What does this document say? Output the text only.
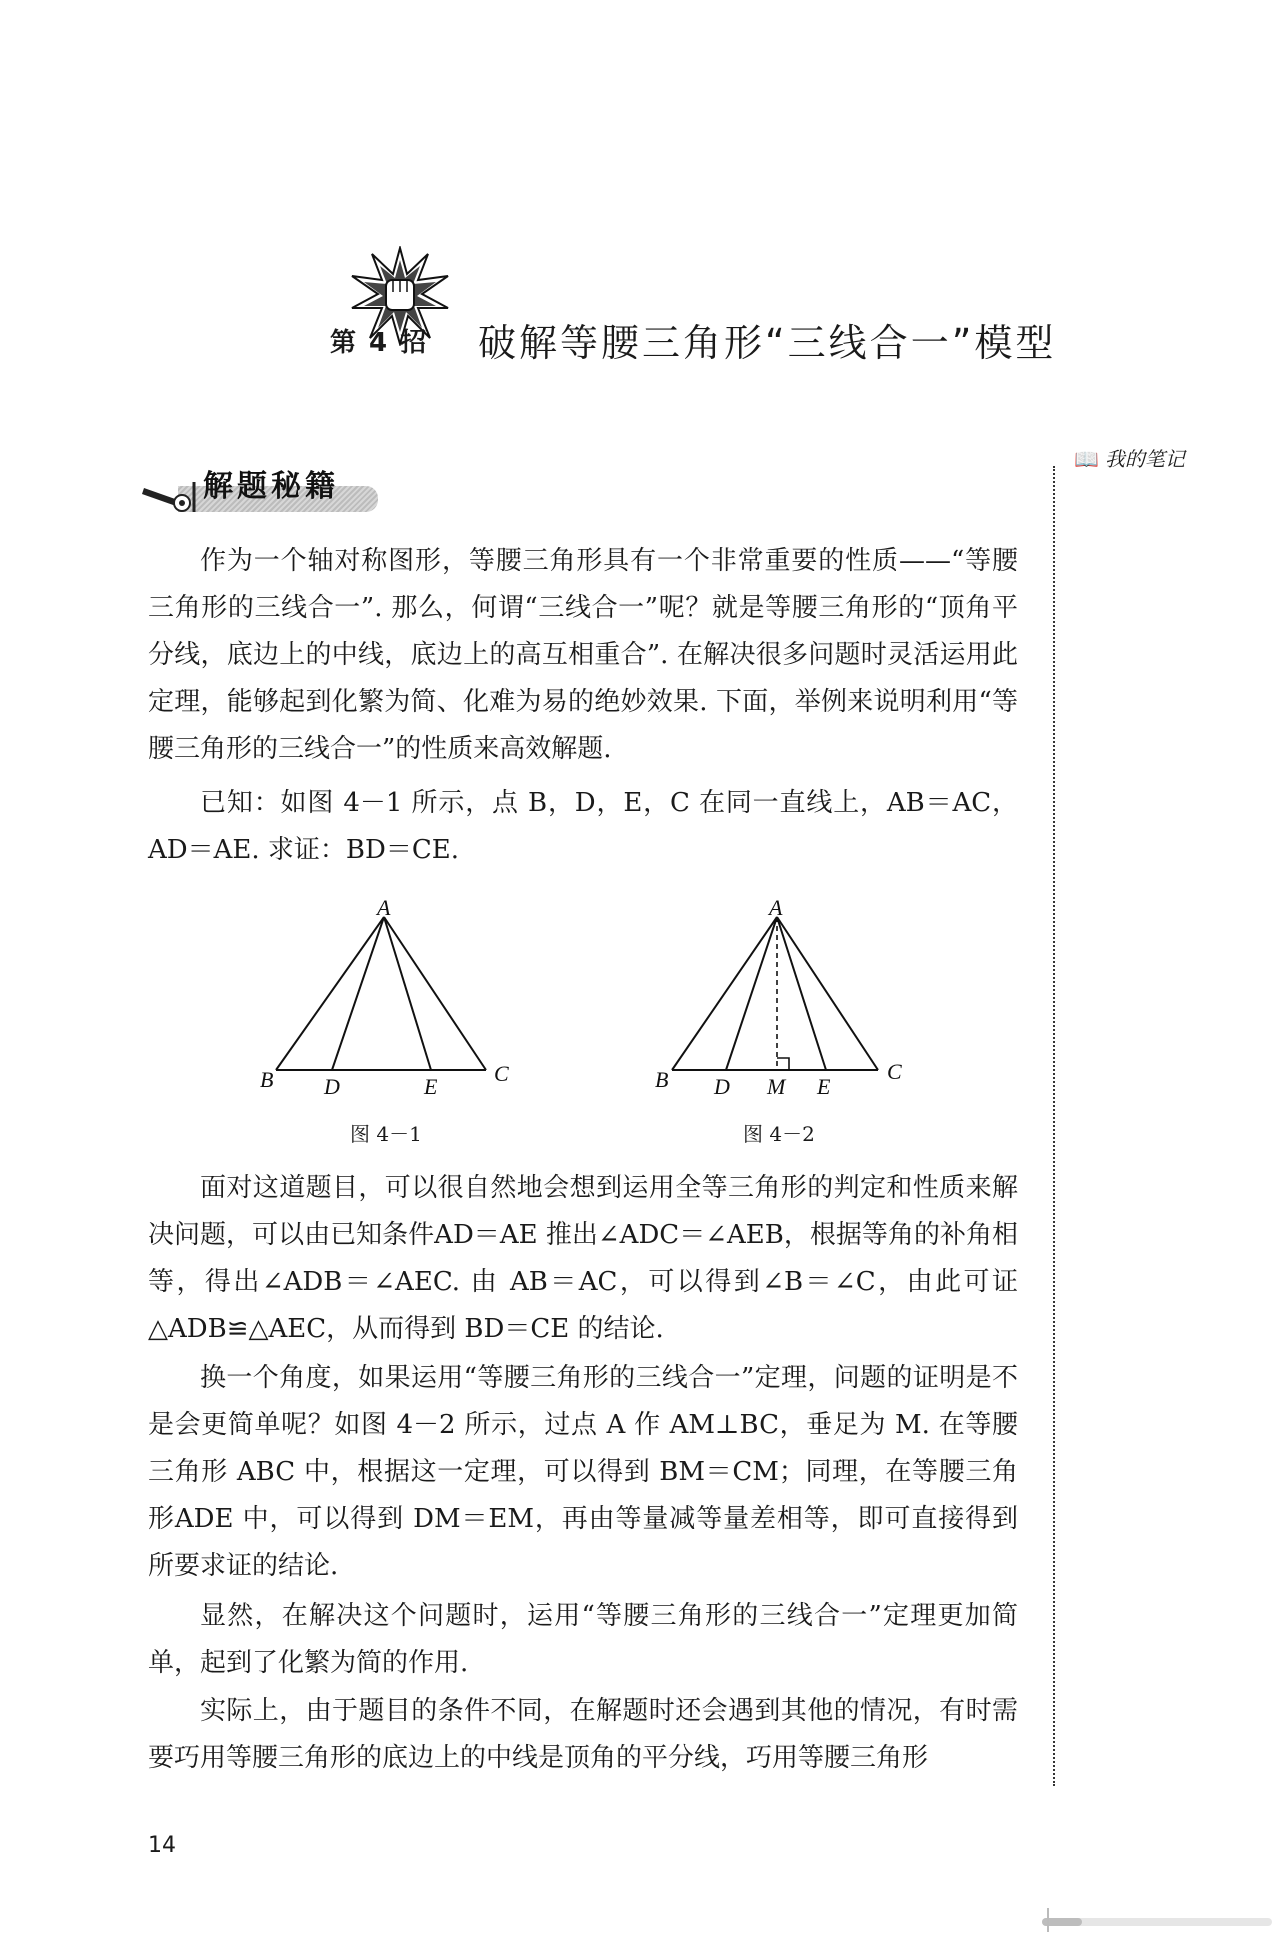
第 4 招 破解等腰三角形“三线合一”模型
📖 我的笔记
解题秘籍

作为一个轴对称图形，等腰三角形具有一个非常重要的性质——“等腰三角形的三线合一”. 那么，何谓“三线合一”呢？就是等腰三角形的“顶角平分线，底边上的中线，底边上的高互相重合”. 在解决很多问题时灵活运用此定理，能够起到化繁为简、化难为易的绝妙效果. 下面，举例来说明利用“等腰三角形的三线合一”的性质来高效解题.

已知：如图 4－1 所示，点 B，D，E，C 在同一直线上，AB＝AC，AD＝AE. 求证：BD＝CE.

A
B D	E
C
A
B D M E
C
图 4－1	图 4－2

面对这道题目，可以很自然地会想到运用全等三角形的判定和性质来解决问题，可以由已知条件AD＝AE 推出∠ADC＝∠AEB，根据等角的补角相等，得出∠ADB＝∠AEC. 由 AB＝AC，可以得到∠B＝∠C，由此可证△ADB≌△AEC，从而得到 BD＝CE 的结论.

换一个角度，如果运用“等腰三角形的三线合一”定理，问题的证明是不是会更简单呢？如图 4－2 所示，过点 A 作 AM⊥BC，垂足为 M. 在等腰三角形 ABC 中，根据这一定理，可以得到 BM＝CM；同理，在等腰三角形ADE 中，可以得到 DM＝EM，再由等量减等量差相等，即可直接得到所要求证的结论.

显然，在解决这个问题时，运用“等腰三角形的三线合一”定理更加简单，起到了化繁为简的作用.

实际上，由于题目的条件不同，在解题时还会遇到其他的情况，有时需要巧用等腰三角形的底边上的中线是顶角的平分线，巧用等腰三角形

14
